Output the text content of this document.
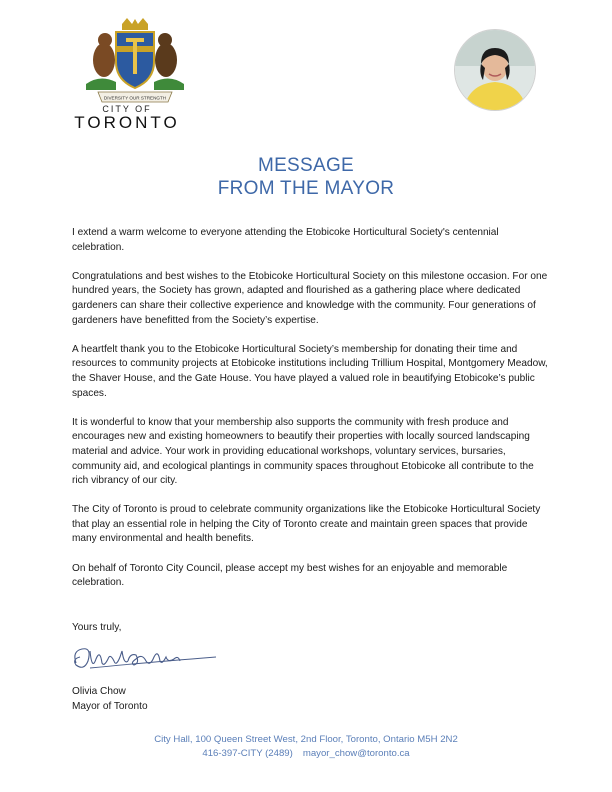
DIVERSITY OUR STRENGTH
CITY OF
TORONTO
MESSAGE
FROM THE MAYOR

I extend a warm welcome to everyone attending the Etobicoke Horticultural Society's centennial celebration.

Congratulations and best wishes to the Etobicoke Horticultural Society on this milestone occasion. For one hundred years, the Society has grown, adapted and flourished as a gathering place where dedicated gardeners can share their collective experience and knowledge with the community. Four generations of gardeners have benefitted from the Society’s expertise.

A heartfelt thank you to the Etobicoke Horticultural Society’s membership for donating their time and resources to community projects at Etobicoke institutions including Trillium Hospital, Montgomery Meadow, the Shaver House, and the Gate House. You have played a valued role in beautifying Etobicoke’s public spaces.

It is wonderful to know that your membership also supports the community with fresh produce and encourages new and existing homeowners to beautify their properties with locally sourced landscaping material and advice. Your work in providing educational workshops, voluntary services, bursaries, community aid, and ecological plantings in community spaces throughout Etobicoke all contribute to the rich vibrancy of our city.

The City of Toronto is proud to celebrate community organizations like the Etobicoke Horticultural Society that play an essential role in helping the City of Toronto create and maintain green spaces that provide many environmental and health benefits.

On behalf of Toronto City Council, please accept my best wishes for an enjoyable and memorable celebration.

Yours truly,
Olivia Chow
Mayor of Toronto
City Hall, 100 Queen Street West, 2nd Floor, Toronto, Ontario M5H 2N2
416-397-CITY (2489) mayor_chow@toronto.ca
